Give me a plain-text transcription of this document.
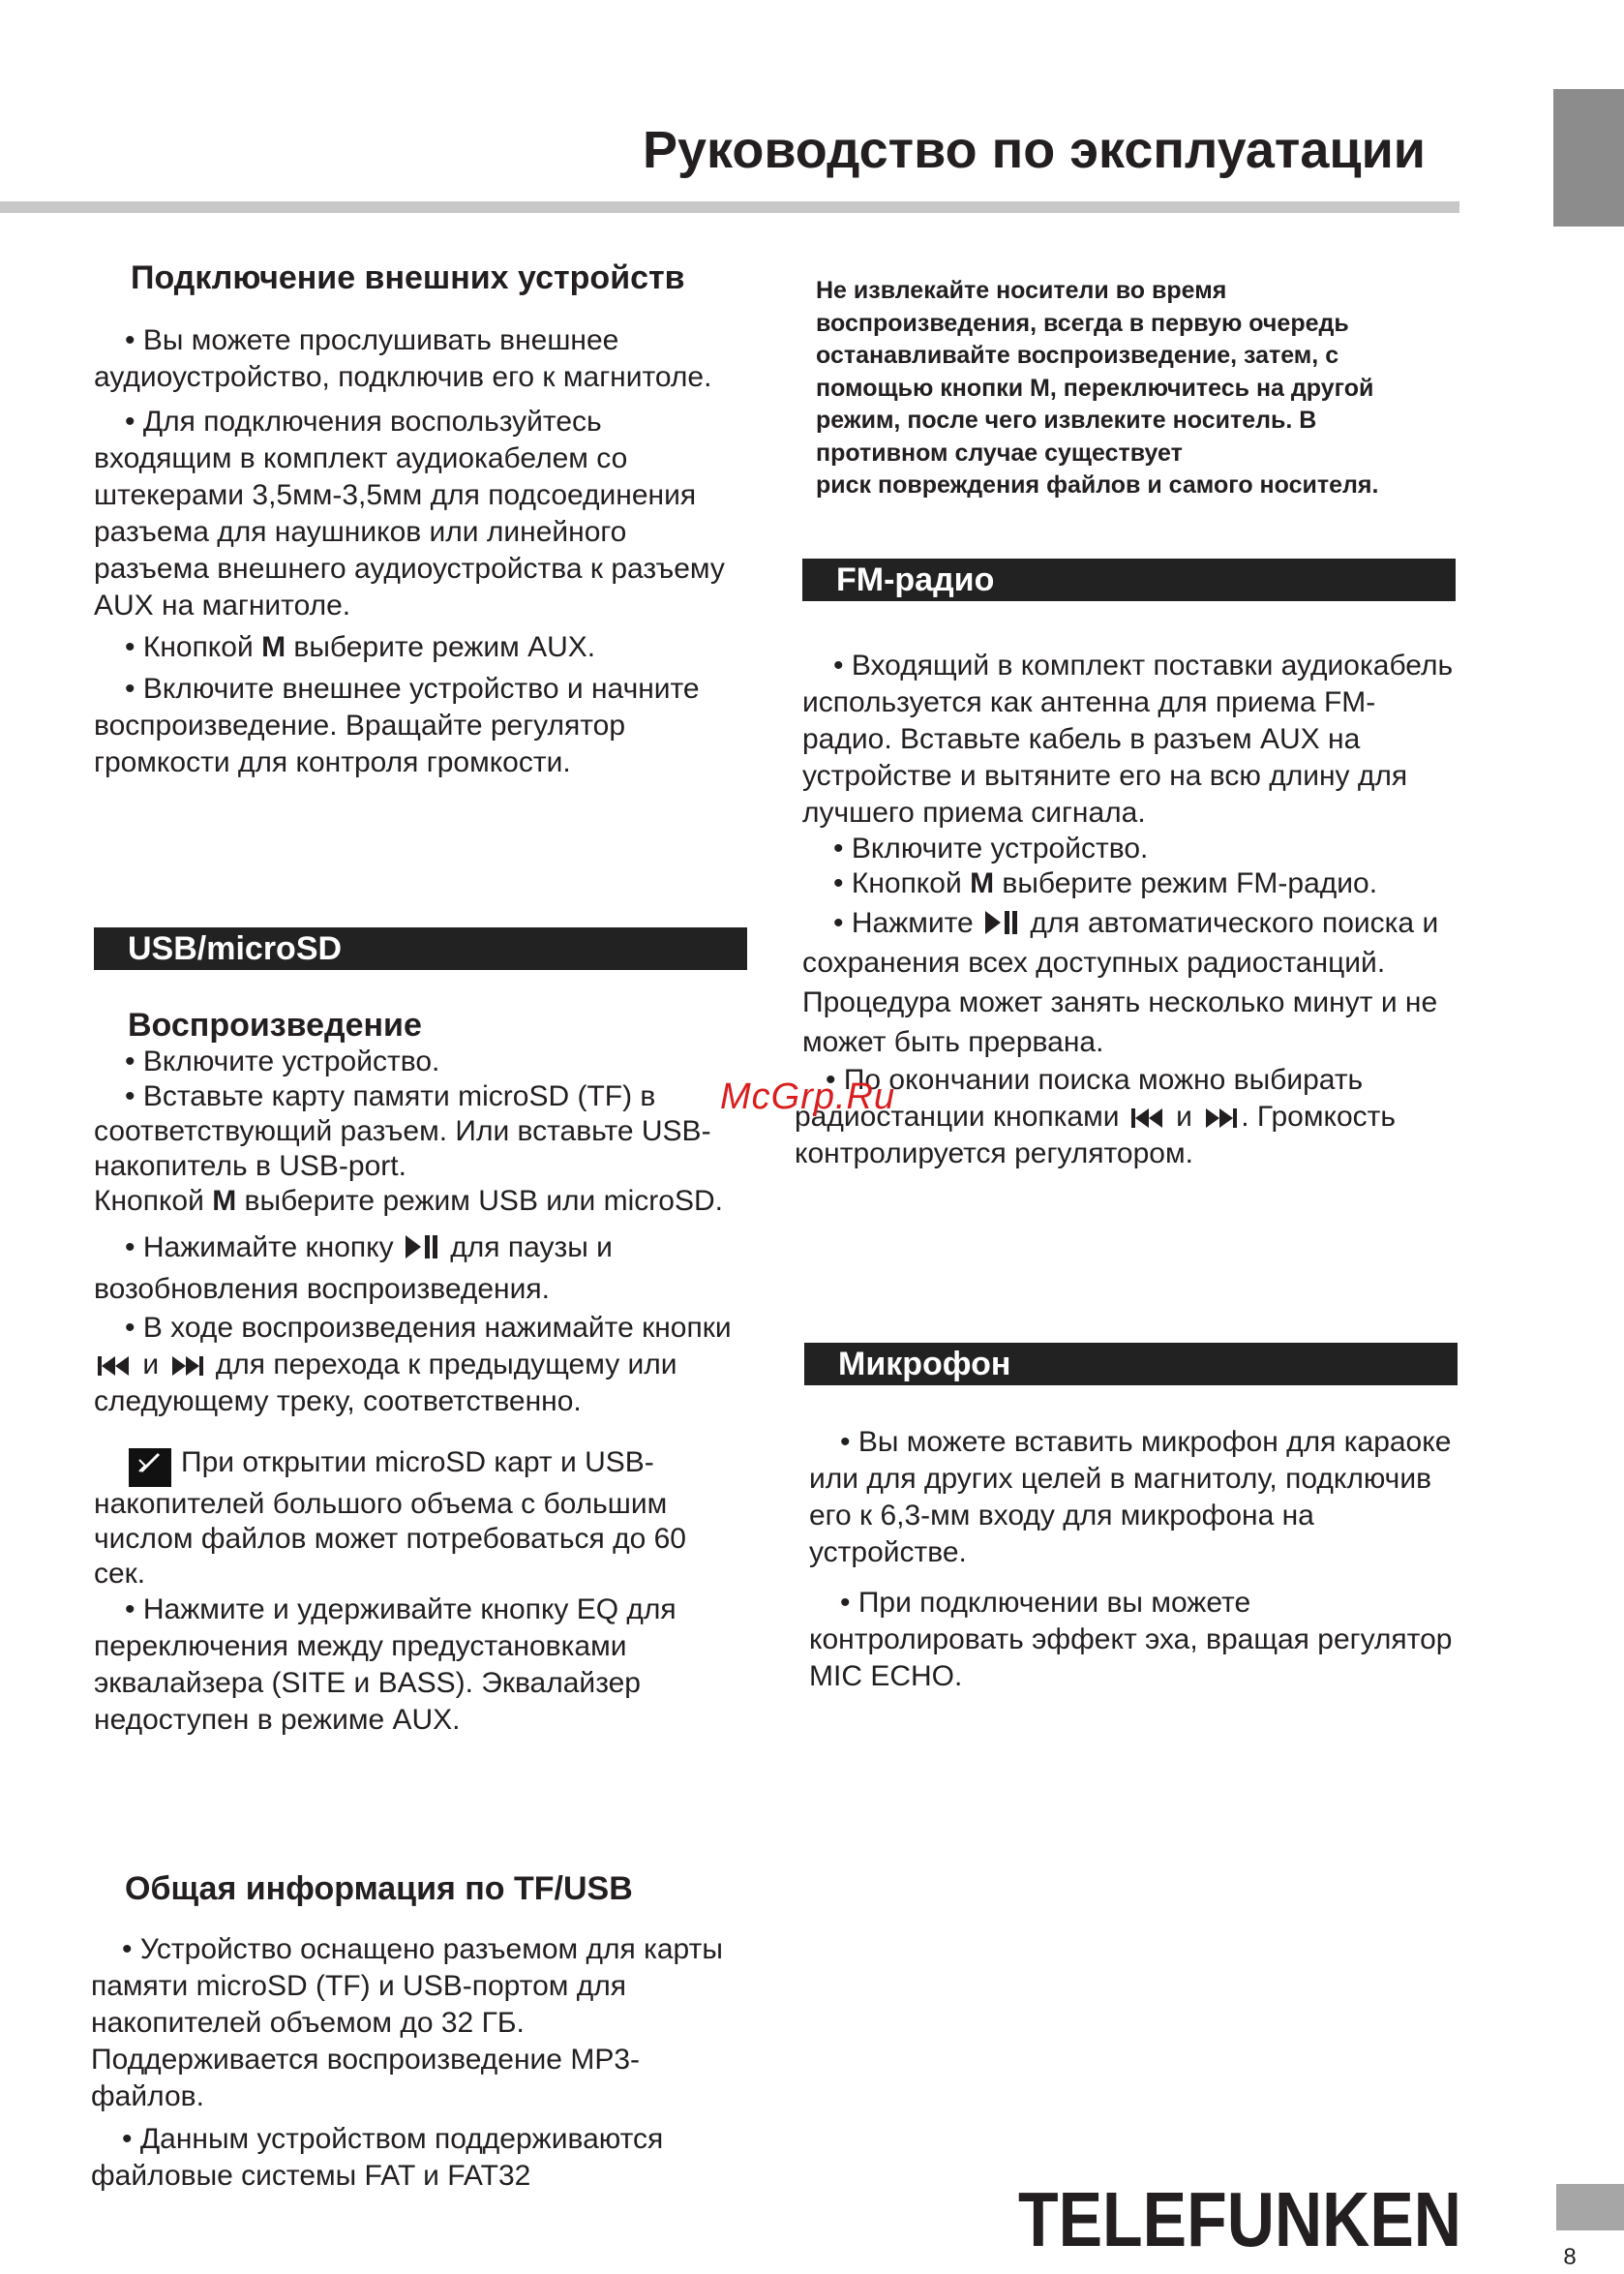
8
Руководство по эксплуатации
Подключение внешних устройств

• Вы можете прослушивать внешнее аудиоустройство, подключив его к магнитоле.

• Для подключения воспользуйтесь входящим в комплект аудиокабелем со штекерами 3,5мм-3,5мм для подсоединения разъема для наушников или линейного разъема внешнего аудиоустройства к разъему AUX на магнитоле.

• Кнопкой M выберите режим AUX.

• Включите внешнее устройство и начните воспроизведение. Вращайте регулятор громкости для контроля громкости.

USB/microSD
Воспроизведение

• Включите устройство.

• Вставьте карту памяти microSD (TF) в соответствующий разъем. Или вставьте USB-накопитель в USB-port.

Кнопкой M выберите режим USB или microSD.

• Нажимайте кнопку  для паузы и возобновления воспроизведения.

• В ходе воспроизведения нажимайте кнопки  и  для перехода к предыдущему или следующему треку, соответственно.

При открытии microSD карт и USB-накопителей большого объема с большим числом файлов может потребоваться до 60 сек.

• Нажмите и удерживайте кнопку EQ для переключения между предустановками эквалайзера (SITE и BASS). Эквалайзер недоступен в режиме AUX.

Общая информация по TF/USB

• Устройство оснащено разъемом для карты памяти microSD (TF) и USB-портом для накопителей объемом до 32 ГБ. Поддерживается воспроизведение MP3-файлов.

• Данным устройством поддерживаются файловые системы FAT и FAT32

Не извлекайте носители во время

воспроизведения, всегда в первую очередь

останавливайте воспроизведение, затем, с

помощью кнопки M, переключитесь на другой

режим, после чего извлеките носитель. В

противном случае существует

риск повреждения файлов и самого носителя.

FM-радио

• Входящий в комплект поставки аудиокабель используется как антенна для приема FM-радио. Вставьте кабель в разъем AUX на устройстве и вытяните его на всю длину для лучшего приема сигнала.

• Включите устройство.

• Кнопкой M выберите режим FM-радио.

• Нажмите  для автоматического поиска и сохранения всех доступных радиостанций. Процедура может занять несколько минут и не может быть прервана.

• По окончании поиска можно выбирать радиостанции кнопками  и . Громкость контролируется регулятором.

Микрофон

• Вы можете вставить микрофон для караоке или для других целей в магнитолу, подключив его к 6,3-мм входу для микрофона на устройстве.

• При подключении вы можете контролировать эффект эха, вращая регулятор MIC ECHO.

McGrp.Ru
TELEFUNKEN
